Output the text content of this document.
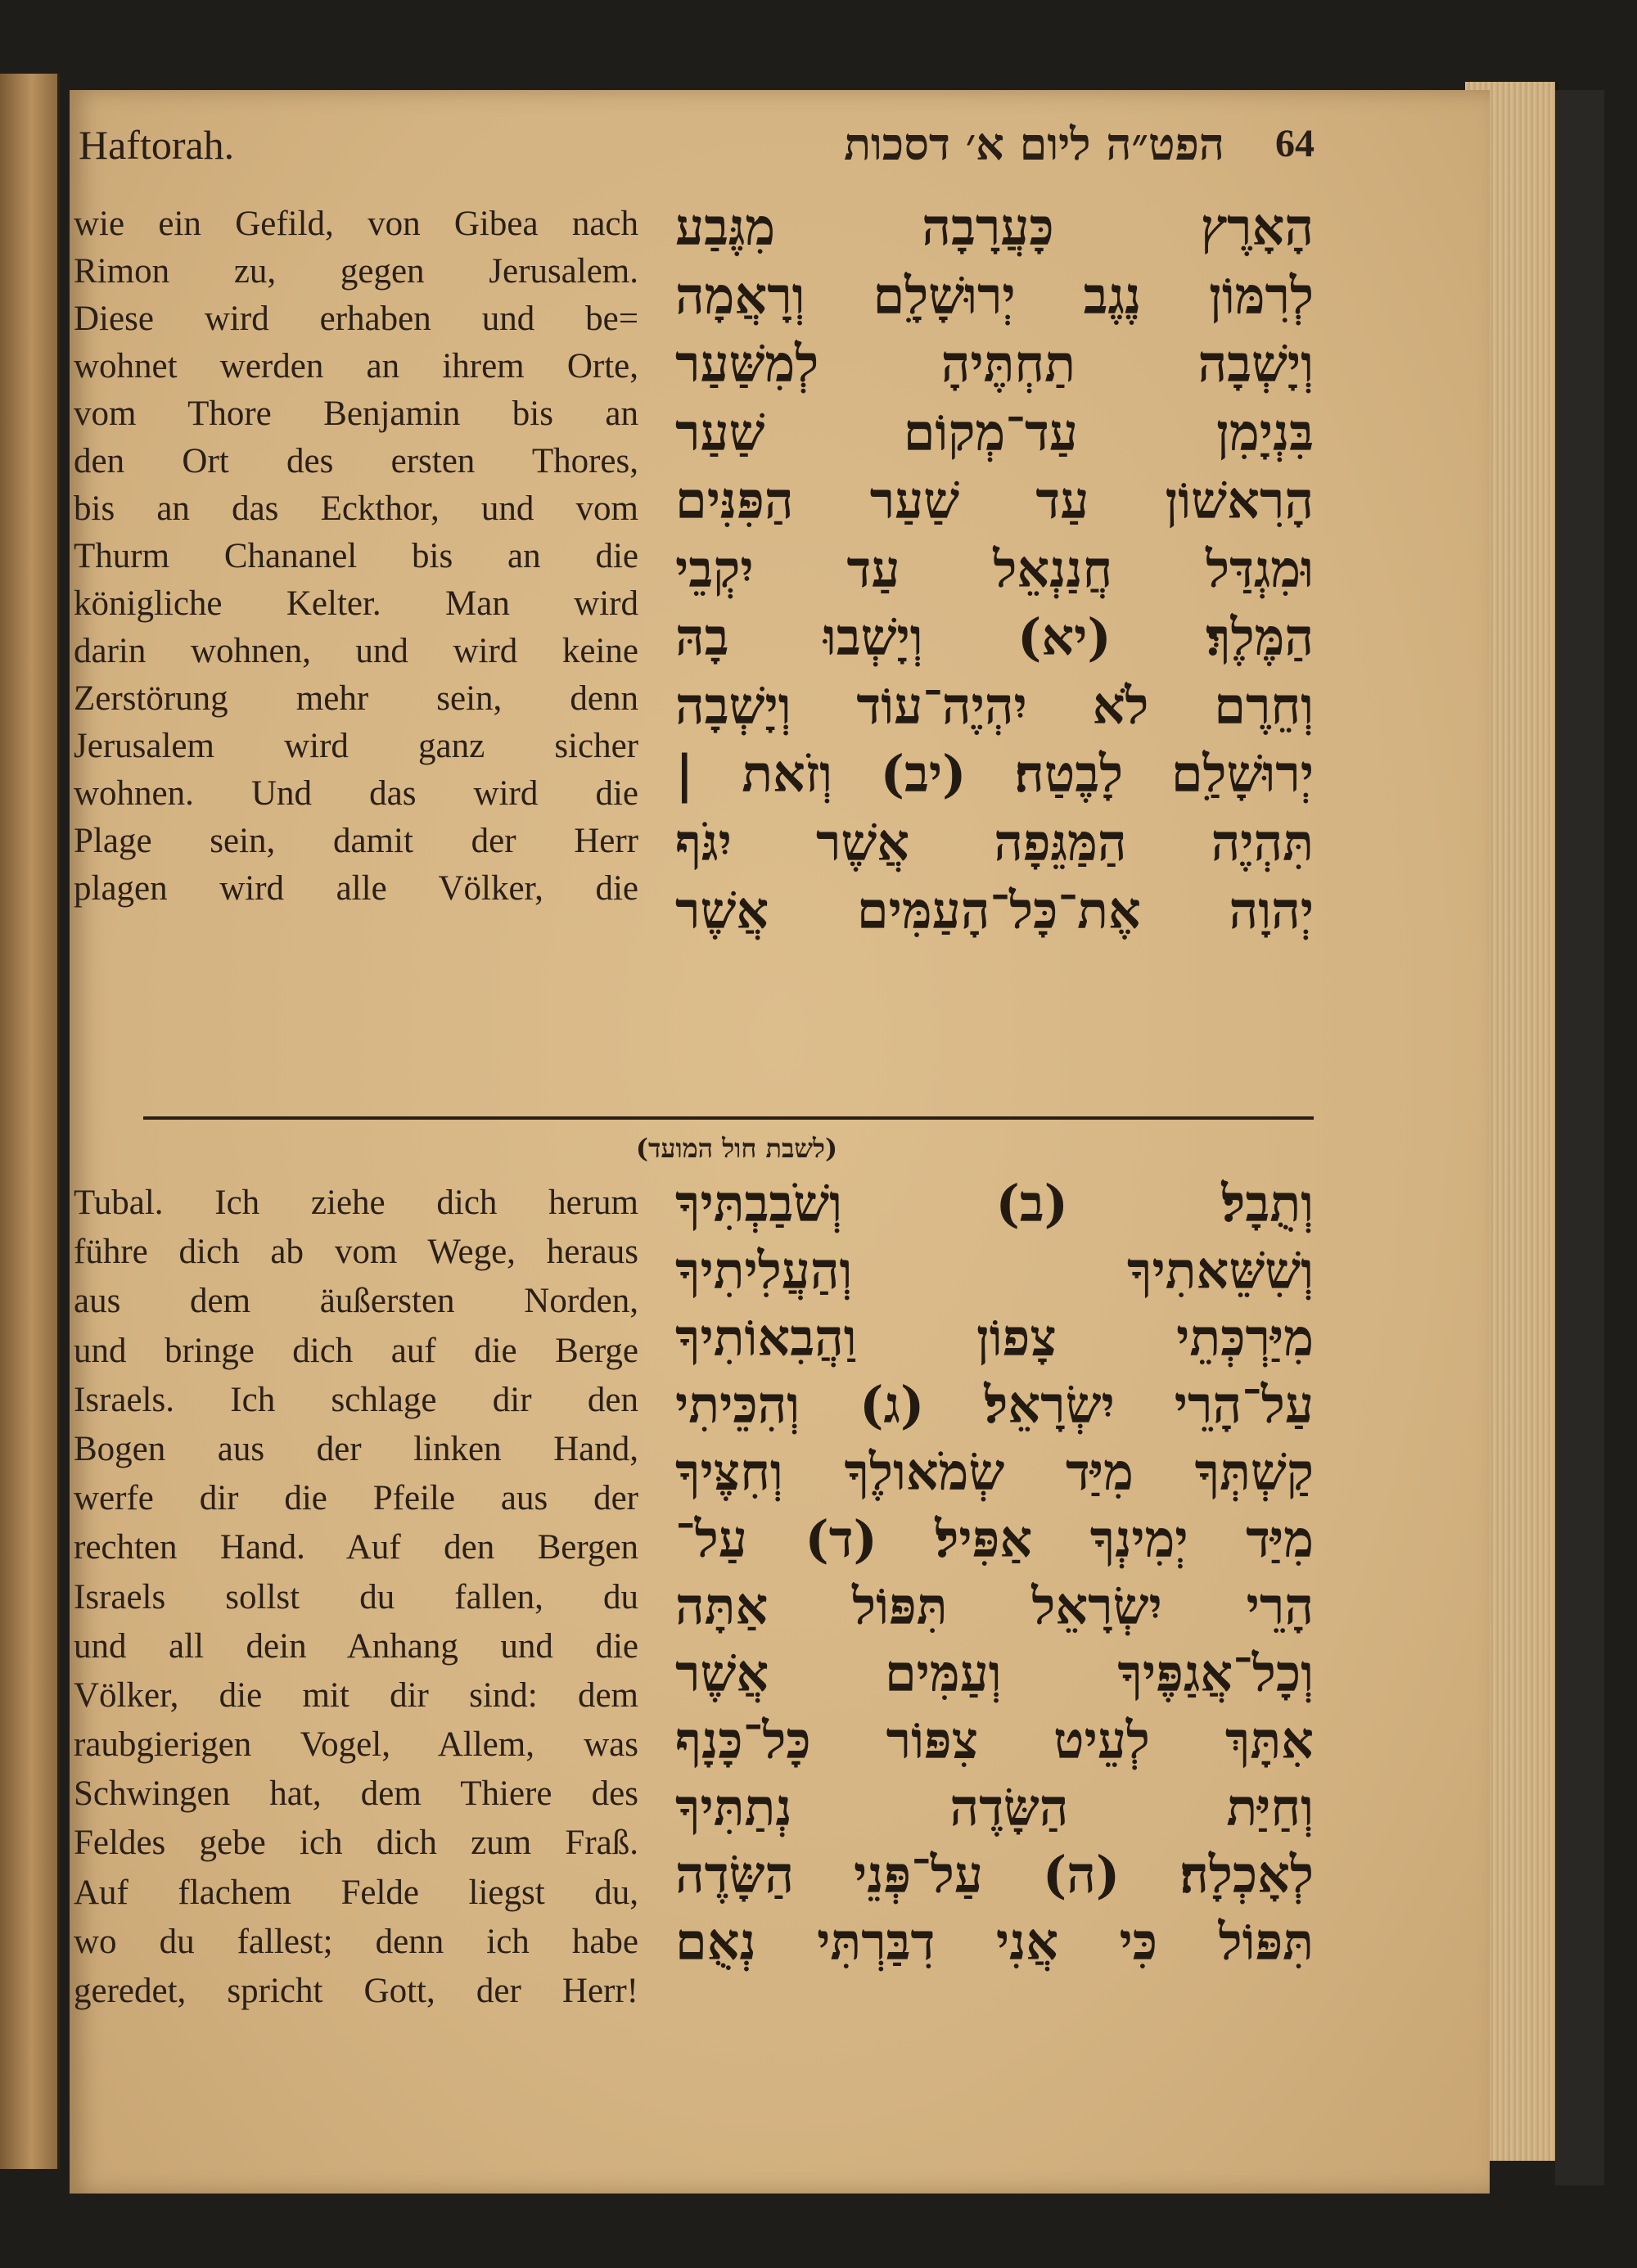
Haftorah.	הפט״ה ליום א׳ דסכות 64
wie ein Gefild, von Gibea nach
Rimon zu, gegen Jerusalem.
Diese wird erhaben und be=
wohnet werden an ihrem Orte,
vom Thore Benjamin bis an
den Ort des ersten Thores,
bis an das Eckthor, und vom
Thurm Chananel bis an die
königliche Kelter. Man wird
darin wohnen, und wird keine
Zerstörung mehr sein, denn
Jerusalem wird ganz sicher
wohnen. Und das wird die
Plage sein, damit der Herr
plagen wird alle Völker, die
הָאָרֶץ כָּעֲרָבָה מִגֶּבַע
לְרִמּוֹן נֶגֶב יְרוּשָׁלִָם וְרָאֲמָה
וְיָשְׁבָה תַחְתֶּיהָ לְמִשַּׁעַר
בִּנְיָמִן עַד־מְקוֹם שַׁעַר
הָרִאשׁוֹן עַד שַׁעַר הַפִּנִּים
וּמִגְדַּל חֲנַנְאֵל עַד יִקְבֵי
הַמֶּלֶךְ׃ (יא) וְיָשְׁבוּ בָהּ
וְחֵרֶם לֹא יִהְיֶה־עוֹד וְיָשְׁבָה
יְרוּשָׁלִַם לָבֶטַח׃ (יב) וְזֹאת |
תִּהְיֶה הַמַּגֵּפָה אֲשֶׁר יִגֹּף
יְהוָה אֶת־כָּל־הָעַמִּים אֲשֶׁר
(לשבת חול המועד)
Tubal. Ich ziehe dich herum
führe dich ab vom Wege, heraus
aus dem äußersten Norden,
und bringe dich auf die Berge
Israels. Ich schlage dir den
Bogen aus der linken Hand,
werfe dir die Pfeile aus der
rechten Hand. Auf den Bergen
Israels sollst du fallen, du
und all dein Anhang und die
Völker, die mit dir sind: dem
raubgierigen Vogel, Allem, was
Schwingen hat, dem Thiere des
Feldes gebe ich dich zum Fraß.
Auf flachem Felde liegst du,
wo du fallest; denn ich habe
geredet, spricht Gott, der Herr!
וְתֻבָל׃ (ב) וְשֹׁבַבְתִּיךָ
וְשִׁשֵּׁאתִיךָ וְהַעֲלִיתִיךָ
מִיַּרְכְּתֵי צָפוֹן וַהֲבִאוֹתִיךָ
עַל־הָרֵי יִשְׂרָאֵל׃ (ג) וְהִכֵּיתִי
קַשְׁתְּךָ מִיַּד שְׂמֹאולֶךָ וְחִצֶּיךָ
מִיַּד יְמִינְךָ אַפִּיל׃ (ד) עַל־
הָרֵי יִשְׂרָאֵל תִּפּוֹל אַתָּה
וְכָל־אֲגַפֶּיךָ וְעַמִּים אֲשֶׁר
אִתָּךְ לְעֵיט צִפּוֹר כָּל־כָּנָף
וְחַיַּת הַשָּׂדֶה נְתַתִּיךָ
לְאָכְלָה׃ (ה) עַל־פְּנֵי הַשָּׂדֶה
תִּפּוֹל כִּי אֲנִי דִבַּרְתִּי נְאֻם
